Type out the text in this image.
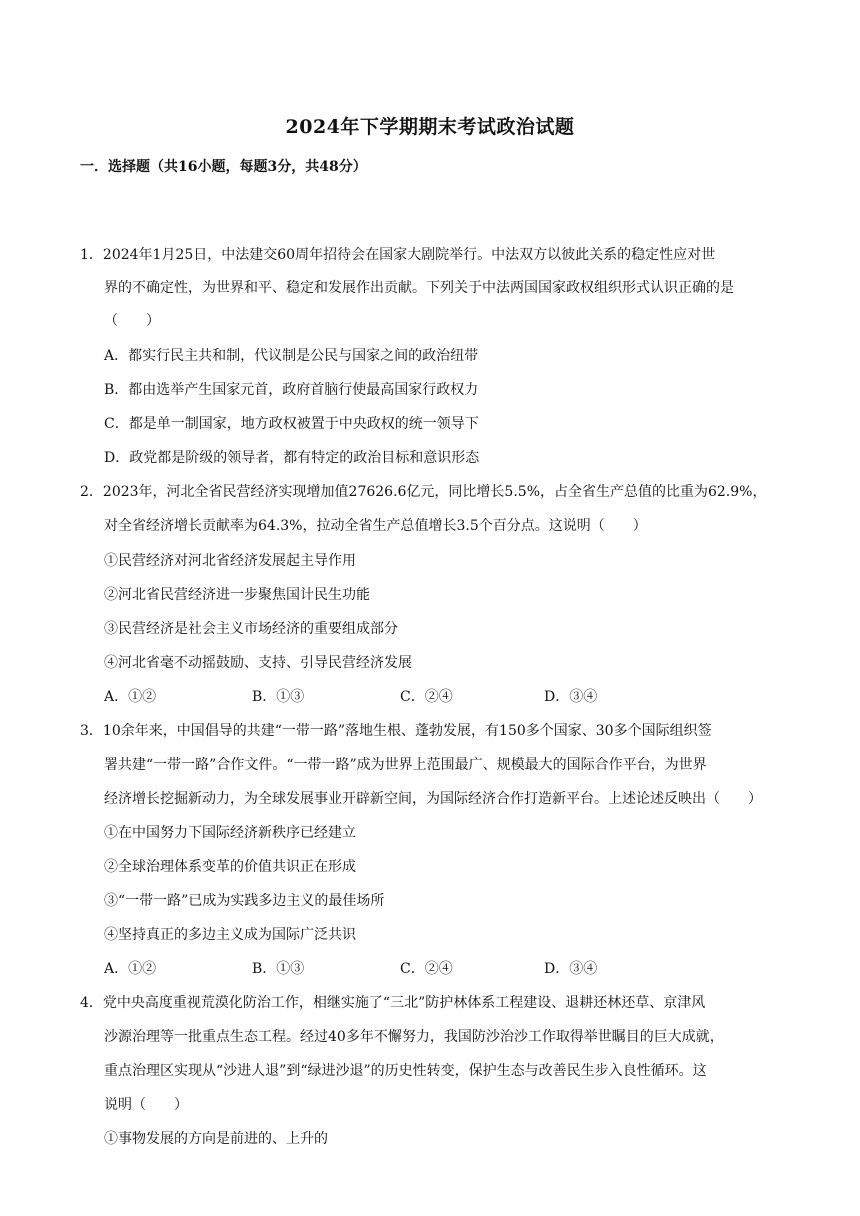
2024年下学期期末考试政治试题
一．选择题（共16小题，每题3分，共48分）
1．2024年1月25日，中法建交60周年招待会在国家大剧院举行。中法双方以彼此关系的稳定性应对世
界的不确定性，为世界和平、稳定和发展作出贡献。下列关于中法两国国家政权组织形式认识正确的是
（　　）
A．都实行民主共和制，代议制是公民与国家之间的政治纽带
B．都由选举产生国家元首，政府首脑行使最高国家行政权力
C．都是单一制国家，地方政权被置于中央政权的统一领导下
D．政党都是阶级的领导者，都有特定的政治目标和意识形态
2．2023年，河北全省民营经济实现增加值27626.6亿元，同比增长5.5%，占全省生产总值的比重为62.9%，
对全省经济增长贡献率为64.3%，拉动全省生产总值增长3.5个百分点。这说明（　　）
①民营经济对河北省经济发展起主导作用
②河北省民营经济进一步聚焦国计民生功能
③民营经济是社会主义市场经济的重要组成部分
④河北省毫不动摇鼓励、支持、引导民营经济发展
A．①②	B．①③	C．②④	D．③④
3．10余年来，中国倡导的共建“一带一路”落地生根、蓬勃发展，有150多个国家、30多个国际组织签
署共建“一带一路”合作文件。“一带一路”成为世界上范围最广、规模最大的国际合作平台，为世界
经济增长挖掘新动力，为全球发展事业开辟新空间，为国际经济合作打造新平台。上述论述反映出（　　）
①在中国努力下国际经济新秩序已经建立
②全球治理体系变革的价值共识正在形成
③“一带一路”已成为实践多边主义的最佳场所
④坚持真正的多边主义成为国际广泛共识
A．①②	B．①③	C．②④	D．③④
4．党中央高度重视荒漠化防治工作，相继实施了“三北”防护林体系工程建设、退耕还林还草、京津风
沙源治理等一批重点生态工程。经过40多年不懈努力，我国防沙治沙工作取得举世瞩目的巨大成就，
重点治理区实现从“沙进人退”到“绿进沙退”的历史性转变，保护生态与改善民生步入良性循环。这
说明（　　）
①事物发展的方向是前进的、上升的
